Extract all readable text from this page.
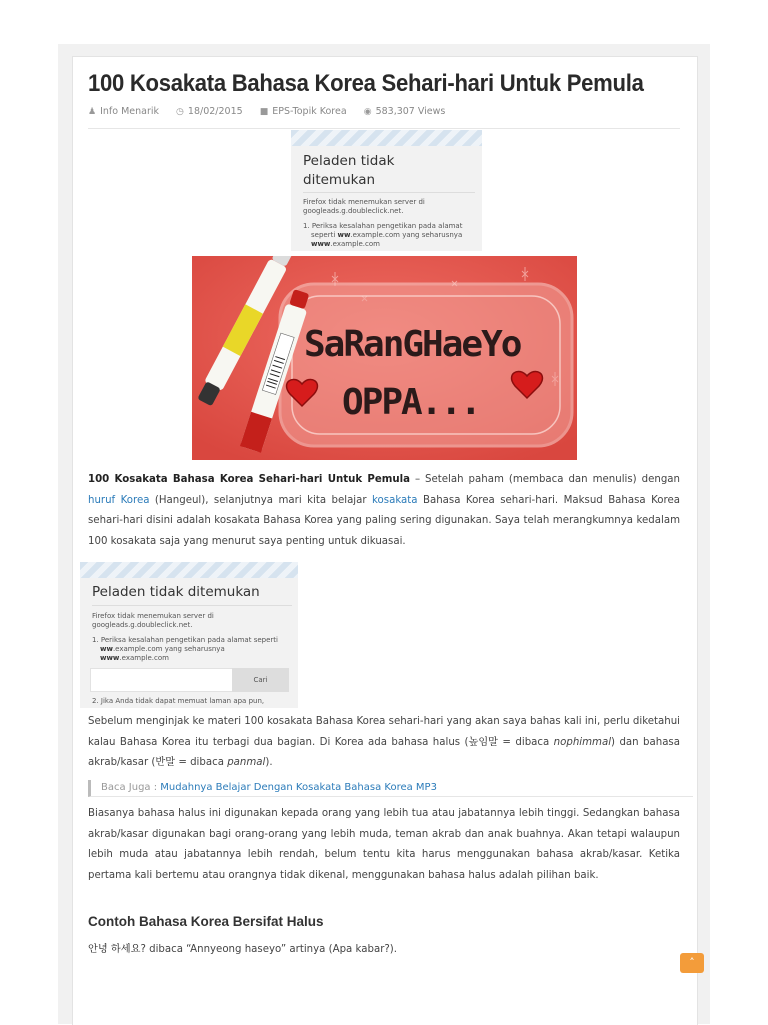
100 Kosakata Bahasa Korea Sehari-hari Untuk Pemula
♟ Info Menarik ◷ 18/02/2015 ■ EPS-Topik Korea ◉ 583,307 Views
Peladen tidak
ditemukan
Firefox tidak menemukan server di
googleads.g.doubleclick.net.
1. Periksa kesalahan pengetikan pada alamat
seperti ww.example.com yang seharusnya
www.example.com
SaRanGHaeYo
OPPA...

100 Kosakata Bahasa Korea Sehari-hari Untuk Pemula – Setelah paham (membaca dan menulis) dengan huruf Korea (Hangeul), selanjutnya mari kita belajar kosakata Bahasa Korea sehari-hari. Maksud Bahasa Korea sehari-hari disini adalah kosakata Bahasa Korea yang paling sering digunakan. Saya telah merangkumnya kedalam 100 kosakata saja yang menurut saya penting untuk dikuasai.

Peladen tidak ditemukan
Firefox tidak menemukan server di
googleads.g.doubleclick.net.
1. Periksa kesalahan pengetikan pada alamat seperti
ww.example.com yang seharusnya
www.example.com
Cari
2. Jika Anda tidak dapat memuat laman apa pun,

Sebelum menginjak ke materi 100 kosakata Bahasa Korea sehari-hari yang akan saya bahas kali ini, perlu diketahui kalau Bahasa Korea itu terbagi dua bagian. Di Korea ada bahasa halus (높임말 = dibaca nophimmal) dan bahasa akrab/kasar (반말 = dibaca panmal).

Baca Juga : Mudahnya Belajar Dengan Kosakata Bahasa Korea MP3

Biasanya bahasa halus ini digunakan kepada orang yang lebih tua atau jabatannya lebih tinggi. Sedangkan bahasa akrab/kasar digunakan bagi orang-orang yang lebih muda, teman akrab dan anak buahnya. Akan tetapi walaupun lebih muda atau jabatannya lebih rendah, belum tentu kita harus menggunakan bahasa akrab/kasar. Ketika pertama kali bertemu atau orangnya tidak dikenal, menggunakan bahasa halus adalah pilihan baik.

Contoh Bahasa Korea Bersifat Halus

안녕 하세요? dibaca “Annyeong haseyo” artinya (Apa kabar?).

˄
